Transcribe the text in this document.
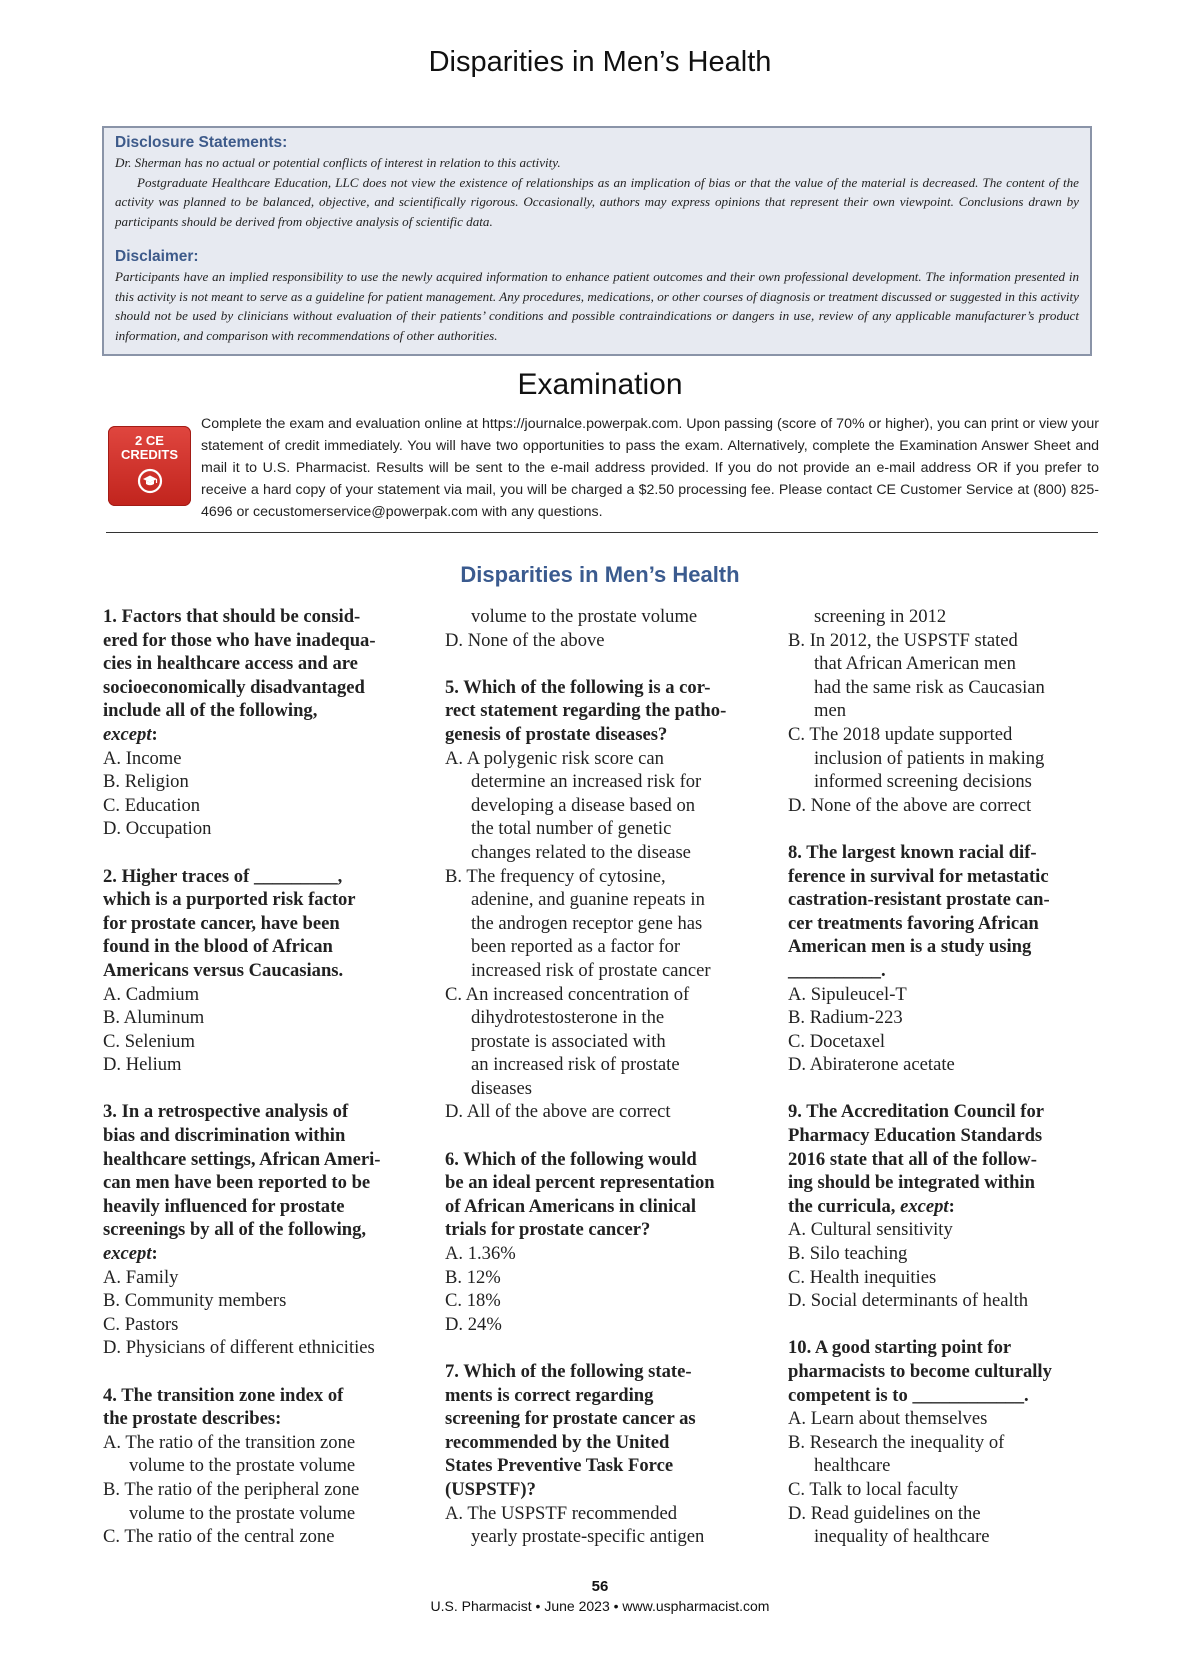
Disparities in Men’s Health

Disclosure Statements:

Dr. Sherman has no actual or potential conflicts of interest in relation to this activity.

Postgraduate Healthcare Education, LLC does not view the existence of relationships as an implication of bias or that the value of the material is decreased. The content of the activity was planned to be balanced, objective, and scientifically rigorous. Occasionally, authors may express opinions that represent their own viewpoint. Conclusions drawn by participants should be derived from objective analysis of scientific data.

Disclaimer:

Participants have an implied responsibility to use the newly acquired information to enhance patient outcomes and their own professional development. The information presented in this activity is not meant to serve as a guideline for patient management. Any procedures, medications, or other courses of diagnosis or treatment discussed or suggested in this activity should not be used by clinicians without evaluation of their patients’ conditions and possible contraindications or dangers in use, review of any applicable manufacturer’s product information, and comparison with recommendations of other authorities.

Examination
2 CE
CREDITS

Complete the exam and evaluation online at https://journalce.powerpak.com. Upon passing (score of 70% or higher), you can print or view your statement of credit immediately. You will have two opportunities to pass the exam. Alternatively, complete the Examination Answer Sheet and mail it to U.S. Pharmacist. Results will be sent to the e-mail address provided. If you do not provide an e-mail address OR if you prefer to receive a hard copy of your statement via mail, you will be charged a $2.50 processing fee. Please contact CE Customer Service at (800) 825-4696 or cecustomerservice@powerpak.com with any questions.

Disparities in Men’s Health

1. Factors that should be consid-

ered for those who have inadequa-

cies in healthcare access and are

socioeconomically disadvantaged

include all of the following,

except:

A. Income

B. Religion

C. Education

D. Occupation

2. Higher traces of _________,

which is a purported risk factor

for prostate cancer, have been

found in the blood of African

Americans versus Caucasians.

A. Cadmium

B. Aluminum

C. Selenium

D. Helium

3. In a retrospective analysis of

bias and discrimination within

healthcare settings, African Ameri-

can men have been reported to be

heavily influenced for prostate

screenings by all of the following,

except:

A. Family

B. Community members

C. Pastors

D. Physicians of different ethnicities

4. The transition zone index of

the prostate describes:

A. The ratio of the transition zone

volume to the prostate volume

B. The ratio of the peripheral zone

volume to the prostate volume

C. The ratio of the central zone

volume to the prostate volume

D. None of the above

5. Which of the following is a cor-

rect statement regarding the patho-

genesis of prostate diseases?

A. A polygenic risk score can

determine an increased risk for

developing a disease based on

the total number of genetic

changes related to the disease

B. The frequency of cytosine,

adenine, and guanine repeats in

the androgen receptor gene has

been reported as a factor for

increased risk of prostate cancer

C. An increased concentration of

dihydrotestosterone in the

prostate is associated with

an increased risk of prostate

diseases

D. All of the above are correct

6. Which of the following would

be an ideal percent representation

of African Americans in clinical

trials for prostate cancer?

A. 1.36%

B. 12%

C. 18%

D. 24%

7. Which of the following state-

ments is correct regarding

screening for prostate cancer as

recommended by the United

States Preventive Task Force

(USPSTF)?

A. The USPSTF recommended

yearly prostate-specific antigen

screening in 2012

B. In 2012, the USPSTF stated

that African American men

had the same risk as Caucasian

men

C. The 2018 update supported

inclusion of patients in making

informed screening decisions

D. None of the above are correct

8. The largest known racial dif-

ference in survival for metastatic

castration-resistant prostate can-

cer treatments favoring African

American men is a study using

__________.

A. Sipuleucel-T

B. Radium-223

C. Docetaxel

D. Abiraterone acetate

9. The Accreditation Council for

Pharmacy Education Standards

2016 state that all of the follow-

ing should be integrated within

the curricula, except:

A. Cultural sensitivity

B. Silo teaching

C. Health inequities

D. Social determinants of health

10. A good starting point for

pharmacists to become culturally

competent is to ____________.

A. Learn about themselves

B. Research the inequality of

healthcare

C. Talk to local faculty

D. Read guidelines on the

inequality of healthcare

56
U.S. Pharmacist • June 2023 • www.uspharmacist.com
